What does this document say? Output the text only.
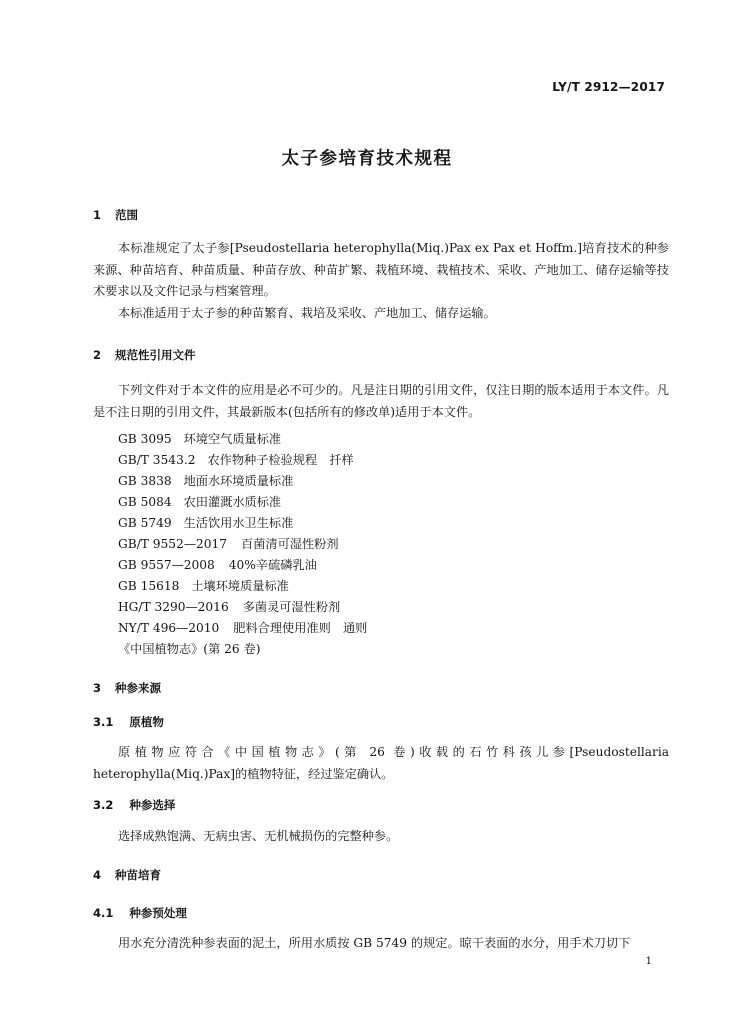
LY/T 2912—2017
太子参培育技术规程
1 范围

本标准规定了太子参[Pseudostellaria heterophylla(Miq.)Pax ex Pax et Hoffm.]培育技术的种参来源、种苗培育、种苗质量、种苗存放、种苗扩繁、栽植环境、栽植技术、采收、产地加工、储存运输等技术要求以及文件记录与档案管理。

本标准适用于太子参的种苗繁育、栽培及采收、产地加工、储存运输。

2 规范性引用文件

下列文件对于本文件的应用是必不可少的。凡是注日期的引用文件，仅注日期的版本适用于本文件。凡是不注日期的引用文件，其最新版本(包括所有的修改单)适用于本文件。

GB 3095 环境空气质量标准
GB/T 3543.2 农作物种子检验规程　扦样
GB 3838 地面水环境质量标准
GB 5084 农田灌溉水质标准
GB 5749 生活饮用水卫生标准
GB/T 9552—2017 百菌清可湿性粉剂
GB 9557—2008 40%辛硫磷乳油
GB 15618 土壤环境质量标准
HG/T 3290—2016 多菌灵可湿性粉剂
NY/T 496—2010 肥料合理使用准则　通则
《中国植物志》(第 26 卷)
3 种参来源
3.1 原植物

原植物应符合《中国植物志》(第 26 卷)收载的石竹科孩儿参[Pseudostellaria heterophylla(Miq.)Pax]的植物特征，经过鉴定确认。

3.2 种参选择

选择成熟饱满、无病虫害、无机械损伤的完整种参。

4 种苗培育
4.1 种参预处理

用水充分清洗种参表面的泥土，所用水质按 GB 5749 的规定。晾干表面的水分，用手术刀切下

1
